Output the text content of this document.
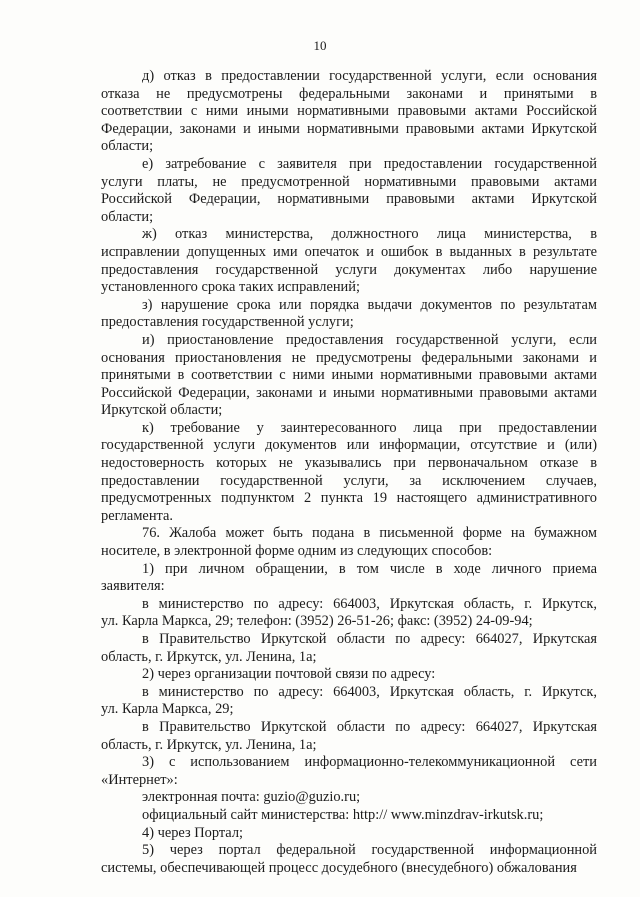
10
д) отказ в предоставлении государственной услуги, если основания
отказа не предусмотрены федеральными законами и принятыми в
соответствии с ними иными нормативными правовыми актами Российской
Федерации, законами и иными нормативными правовыми актами Иркутской
области;
е) затребование с заявителя при предоставлении государственной
услуги платы, не предусмотренной нормативными правовыми актами
Российской Федерации, нормативными правовыми актами Иркутской
области;
ж) отказ министерства, должностного лица министерства, в
исправлении допущенных ими опечаток и ошибок в выданных в результате
предоставления государственной услуги документах либо нарушение
установленного срока таких исправлений;
з) нарушение срока или порядка выдачи документов по результатам
предоставления государственной услуги;
и) приостановление предоставления государственной услуги, если
основания приостановления не предусмотрены федеральными законами и
принятыми в соответствии с ними иными нормативными правовыми актами
Российской Федерации, законами и иными нормативными правовыми актами
Иркутской области;
к) требование у заинтересованного лица при предоставлении
государственной услуги документов или информации, отсутствие и (или)
недостоверность которых не указывались при первоначальном отказе в
предоставлении государственной услуги, за исключением случаев,
предусмотренных подпунктом 2 пункта 19 настоящего административного
регламента.
76. Жалоба может быть подана в письменной форме на бумажном
носителе, в электронной форме одним из следующих способов:
1) при личном обращении, в том числе в ходе личного приема
заявителя:
в министерство по адресу: 664003, Иркутская область, г. Иркутск,
ул. Карла Маркса, 29; телефон: (3952) 26-51-26; факс: (3952) 24-09-94;
в Правительство Иркутской области по адресу: 664027, Иркутская
область, г. Иркутск, ул. Ленина, 1а;
2) через организации почтовой связи по адресу:
в министерство по адресу: 664003, Иркутская область, г. Иркутск,
ул. Карла Маркса, 29;
в Правительство Иркутской области по адресу: 664027, Иркутская
область, г. Иркутск, ул. Ленина, 1а;
3) с использованием информационно-телекоммуникационной сети
«Интернет»:
электронная почта: guzio@guzio.ru;
официальный сайт министерства: http:// www.minzdrav-irkutsk.ru;
4) через Портал;
5) через портал федеральной государственной информационной
системы, обеспечивающей процесс досудебного (внесудебного) обжалования
